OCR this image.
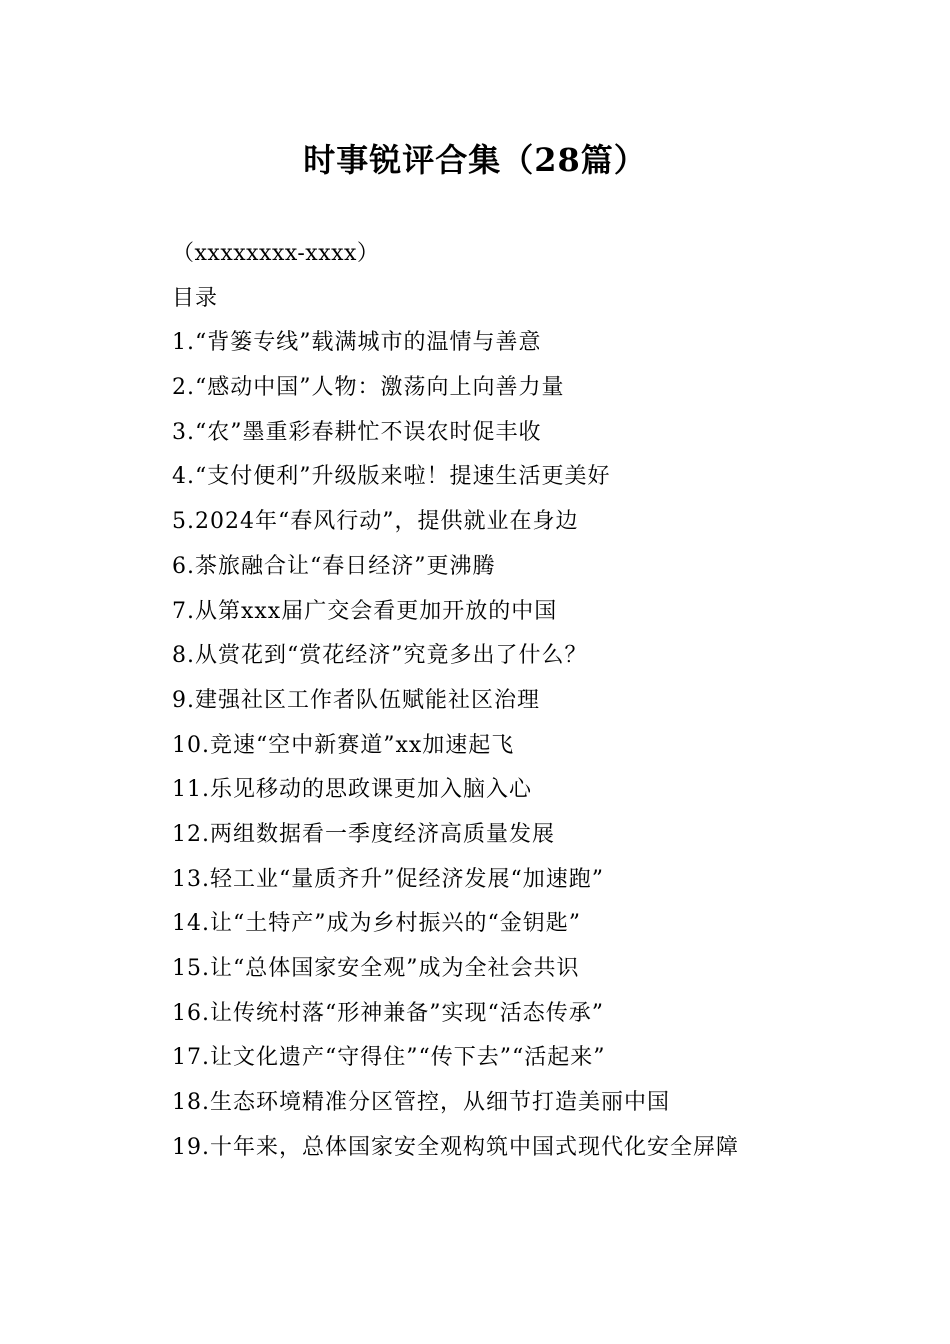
时事锐评合集（28篇）
（xxxxxxxx-xxxx）
目录
1.“背篓专线”载满城市的温情与善意
2.“感动中国”人物：激荡向上向善力量
3.“农”墨重彩春耕忙不误农时促丰收
4.“支付便利”升级版来啦！提速生活更美好
5.2024年“春风行动”，提供就业在身边
6.茶旅融合让“春日经济”更沸腾
7.从第xxx届广交会看更加开放的中国
8.从赏花到“赏花经济”究竟多出了什么？
9.建强社区工作者队伍赋能社区治理
10.竞速“空中新赛道”xx加速起飞
11.乐见移动的思政课更加入脑入心
12.两组数据看一季度经济高质量发展
13.轻工业“量质齐升”促经济发展“加速跑”
14.让“土特产”成为乡村振兴的“金钥匙”
15.让“总体国家安全观”成为全社会共识
16.让传统村落“形神兼备”实现“活态传承”
17.让文化遗产“守得住”“传下去”“活起来”
18.生态环境精准分区管控，从细节打造美丽中国
19.十年来，总体国家安全观构筑中国式现代化安全屏障
